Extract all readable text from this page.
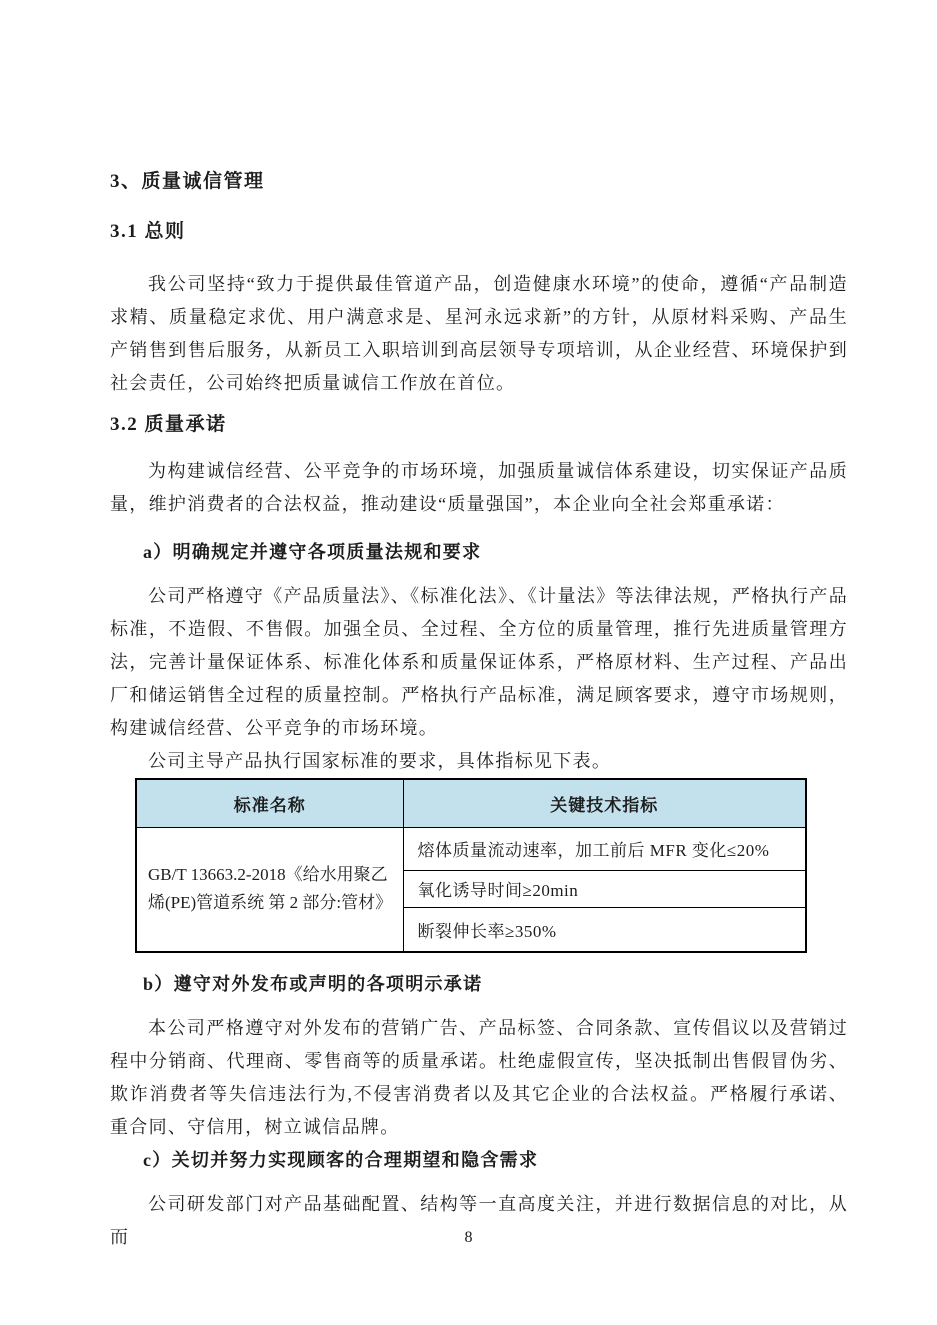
3、质量诚信管理
3.1 总则

我公司坚持“致力于提供最佳管道产品，创造健康水环境”的使命，遵循“产品制造求精、质量稳定求优、用户满意求是、星河永远求新”的方针，从原材料采购、产品生产销售到售后服务，从新员工入职培训到高层领导专项培训，从企业经营、环境保护到社会责任，公司始终把质量诚信工作放在首位。

3.2 质量承诺

为构建诚信经营、公平竞争的市场环境，加强质量诚信体系建设，切实保证产品质量，维护消费者的合法权益，推动建设“质量强国”，本企业向全社会郑重承诺：

a）明确规定并遵守各项质量法规和要求

公司严格遵守《产品质量法》、《标准化法》、《计量法》等法律法规，严格执行产品标准，不造假、不售假。加强全员、全过程、全方位的质量管理，推行先进质量管理方法，完善计量保证体系、标准化体系和质量保证体系，严格原材料、生产过程、产品出厂和储运销售全过程的质量控制。严格执行产品标准，满足顾客要求，遵守市场规则，构建诚信经营、公平竞争的市场环境。

公司主导产品执行国家标准的要求，具体指标见下表。

标准名称	关键技术指标
GB/T 13663.2-2018《给水用聚乙烯(PE)管道系统 第 2 部分:管材》	熔体质量流动速率，加工前后 MFR 变化≤20%
	氧化诱导时间≥20min
	断裂伸长率≥350%
b）遵守对外发布或声明的各项明示承诺

本公司严格遵守对外发布的营销广告、产品标签、合同条款、宣传倡议以及营销过程中分销商、代理商、零售商等的质量承诺。杜绝虚假宣传，坚决抵制出售假冒伪劣、欺诈消费者等失信违法行为,不侵害消费者以及其它企业的合法权益。严格履行承诺、重合同、守信用，树立诚信品牌。

c）关切并努力实现顾客的合理期望和隐含需求

公司研发部门对产品基础配置、结构等一直高度关注，并进行数据信息的对比，从而	8
